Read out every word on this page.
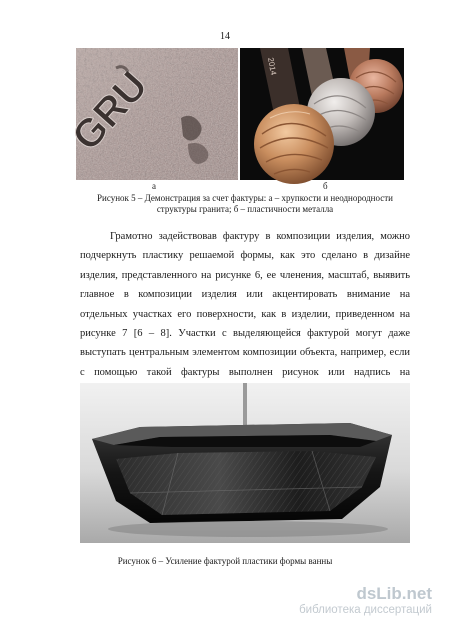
14
GRU	2014
а	б
Рисунок 5 – Демонстрация за счет фактуры: а – хрупкости и неоднородности структуры гранита; б – пластичности металла

Грамотно задействовав фактуру в композиции изделия, можно подчеркнуть пластику решаемой формы, как это сделано в дизайне изделия, представленного на рисунке 6, ее членения, масштаб, выявить главное в композиции изделия или акцентировать внимание на отдельных участках его поверхности, как в изделии, приведенном на рисунке 7 [6 – 8]. Участки с выделяющейся фактурой могут даже выступать центральным элементом композиции объекта, например, если с помощью такой фактуры выполнен рисунок или надпись на

Рисунок 6 – Усиление фактурой пластики формы ванны
dsLib.net
библиотека диссертаций
